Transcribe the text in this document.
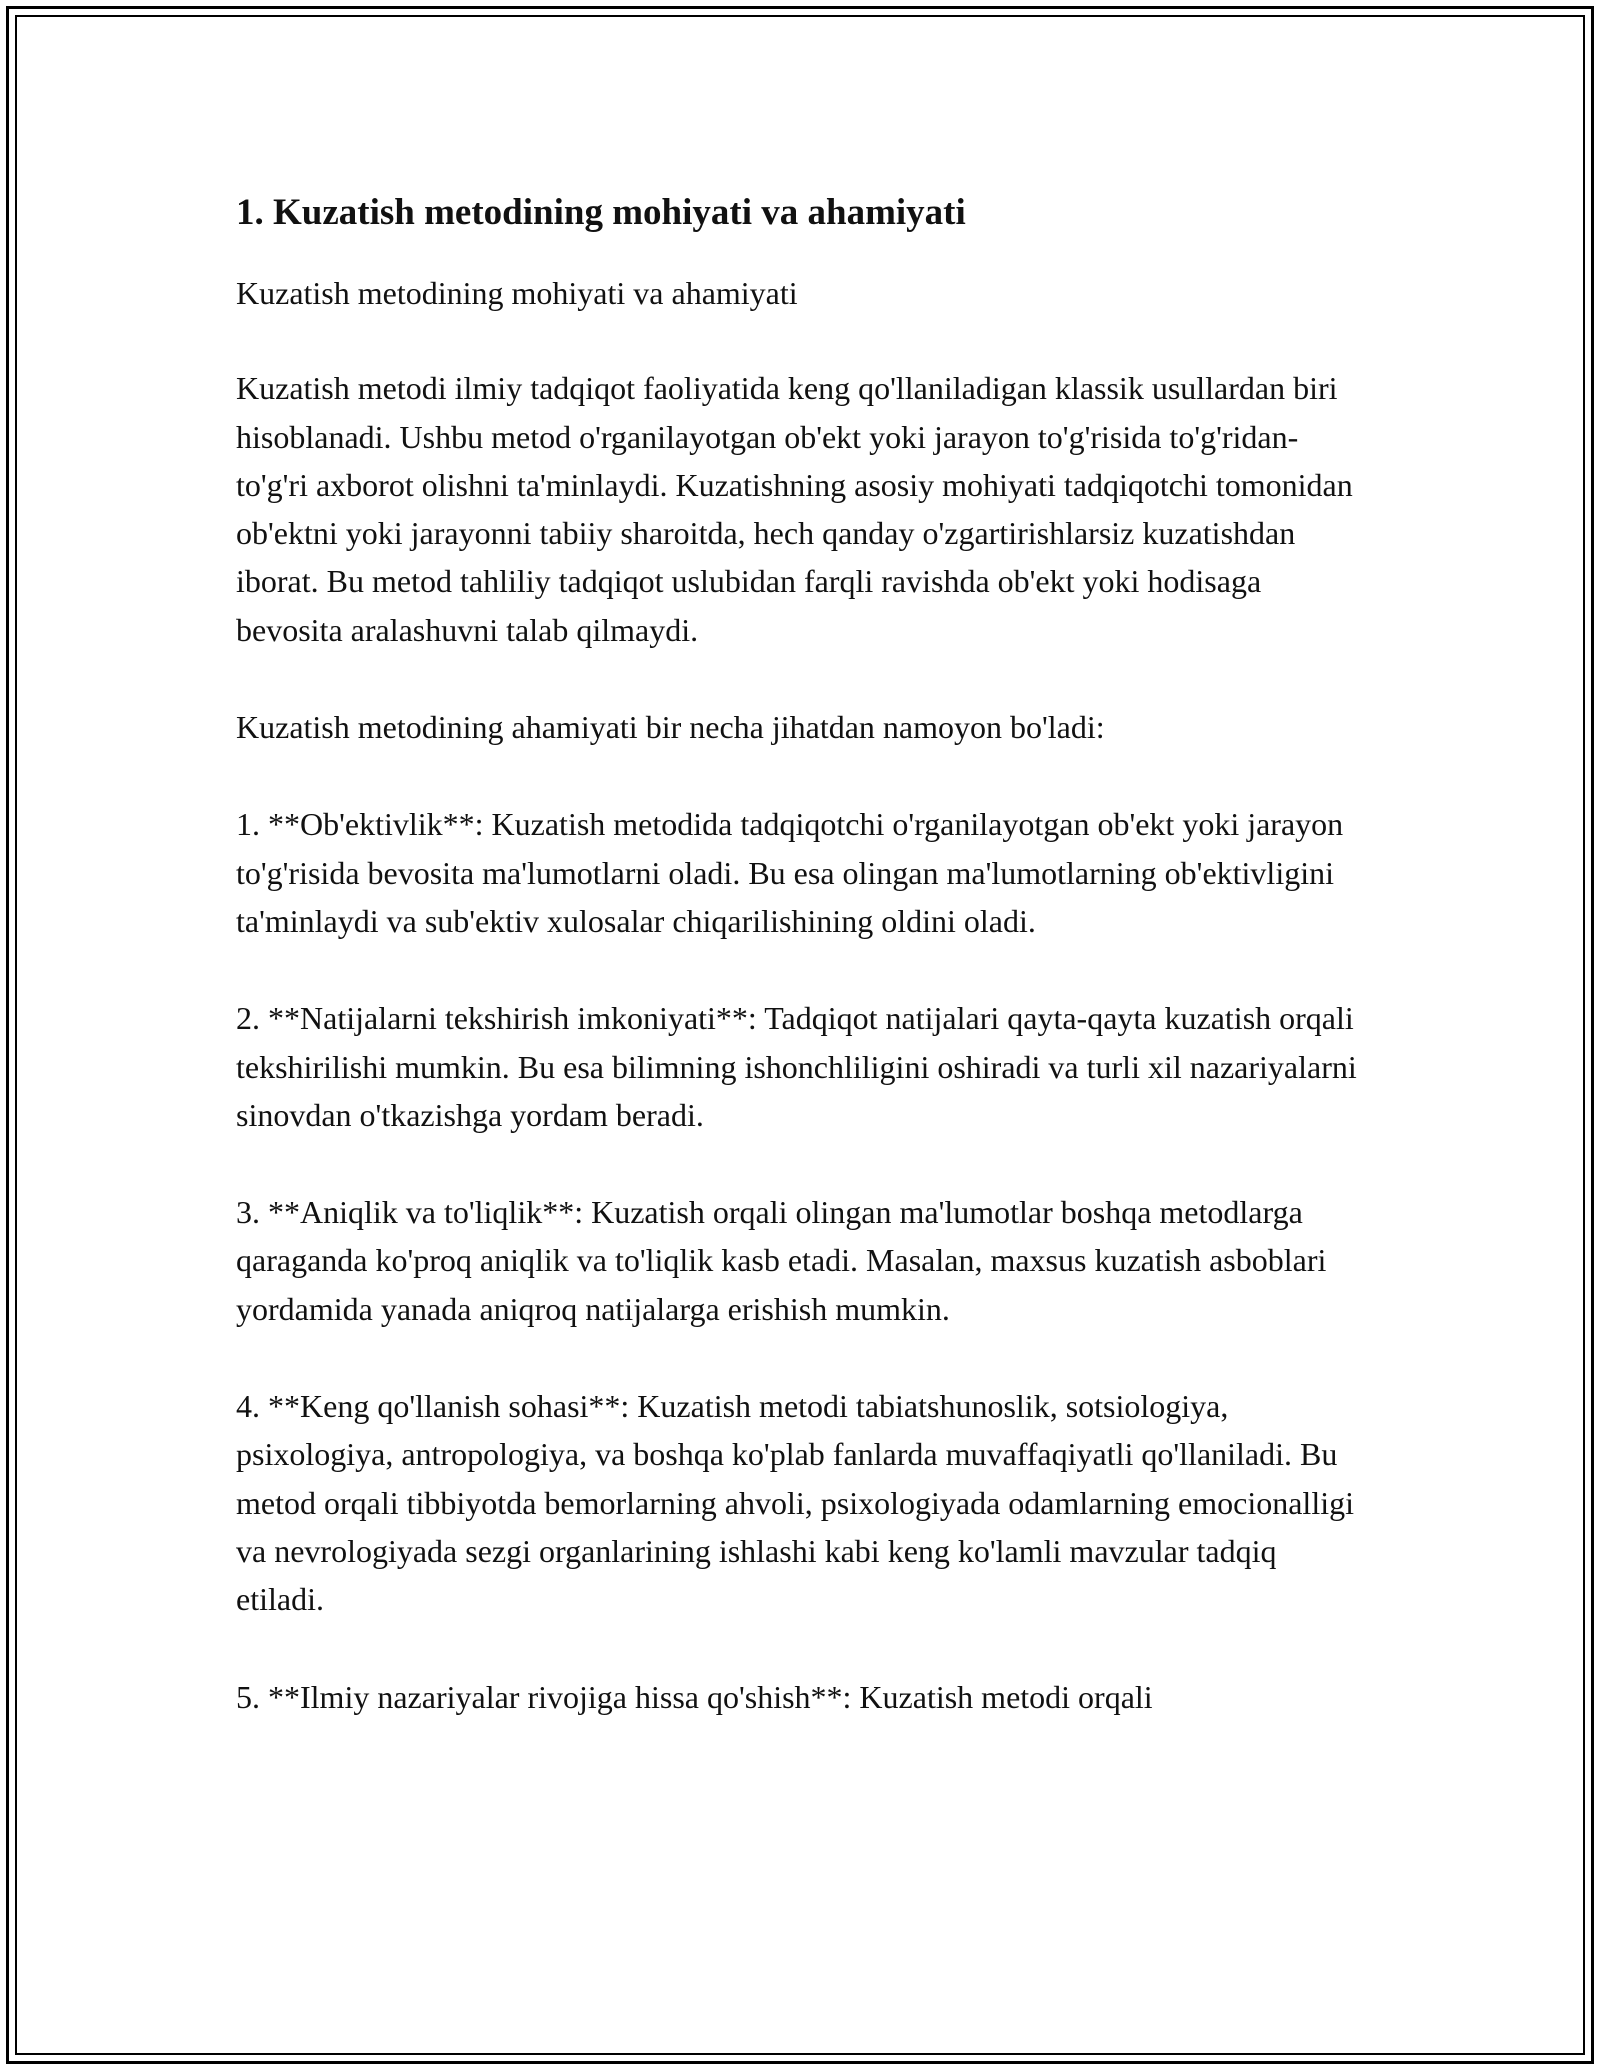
1. Kuzatish metodining mohiyati va ahamiyati

Kuzatish metodining mohiyati va ahamiyati

Kuzatish metodi ilmiy tadqiqot faoliyatida keng qo'llaniladigan klassik usullardan biri hisoblanadi. Ushbu metod o'rganilayotgan ob'ekt yoki jarayon to'g'risida to'g'ridan-to'g'ri axborot olishni ta'minlaydi. Kuzatishning asosiy mohiyati tadqiqotchi tomonidan ob'ektni yoki jarayonni tabiiy sharoitda, hech qanday o'zgartirishlarsiz kuzatishdan iborat. Bu metod tahliliy tadqiqot uslubidan farqli ravishda ob'ekt yoki hodisaga bevosita aralashuvni talab qilmaydi.

Kuzatish metodining ahamiyati bir necha jihatdan namoyon bo'ladi:

1. **Ob'ektivlik**: Kuzatish metodida tadqiqotchi o'rganilayotgan ob'ekt yoki jarayon to'g'risida bevosita ma'lumotlarni oladi. Bu esa olingan ma'lumotlarning ob'ektivligini ta'minlaydi va sub'ektiv xulosalar chiqarilishining oldini oladi.

2. **Natijalarni tekshirish imkoniyati**: Tadqiqot natijalari qayta-qayta kuzatish orqali tekshirilishi mumkin. Bu esa bilimning ishonchliligini oshiradi va turli xil nazariyalarni sinovdan o'tkazishga yordam beradi.

3. **Aniqlik va to'liqlik**: Kuzatish orqali olingan ma'lumotlar boshqa metodlarga qaraganda ko'proq aniqlik va to'liqlik kasb etadi. Masalan, maxsus kuzatish asboblari yordamida yanada aniqroq natijalarga erishish mumkin.

4. **Keng qo'llanish sohasi**: Kuzatish metodi tabiatshunoslik, sotsiologiya, psixologiya, antropologiya, va boshqa ko'plab fanlarda muvaffaqiyatli qo'llaniladi. Bu metod orqali tibbiyotda bemorlarning ahvoli, psixologiyada odamlarning emocionalligi va nevrologiyada sezgi organlarining ishlashi kabi keng ko'lamli mavzular tadqiq etiladi.

5. **Ilmiy nazariyalar rivojiga hissa qo'shish**: Kuzatish metodi orqali
